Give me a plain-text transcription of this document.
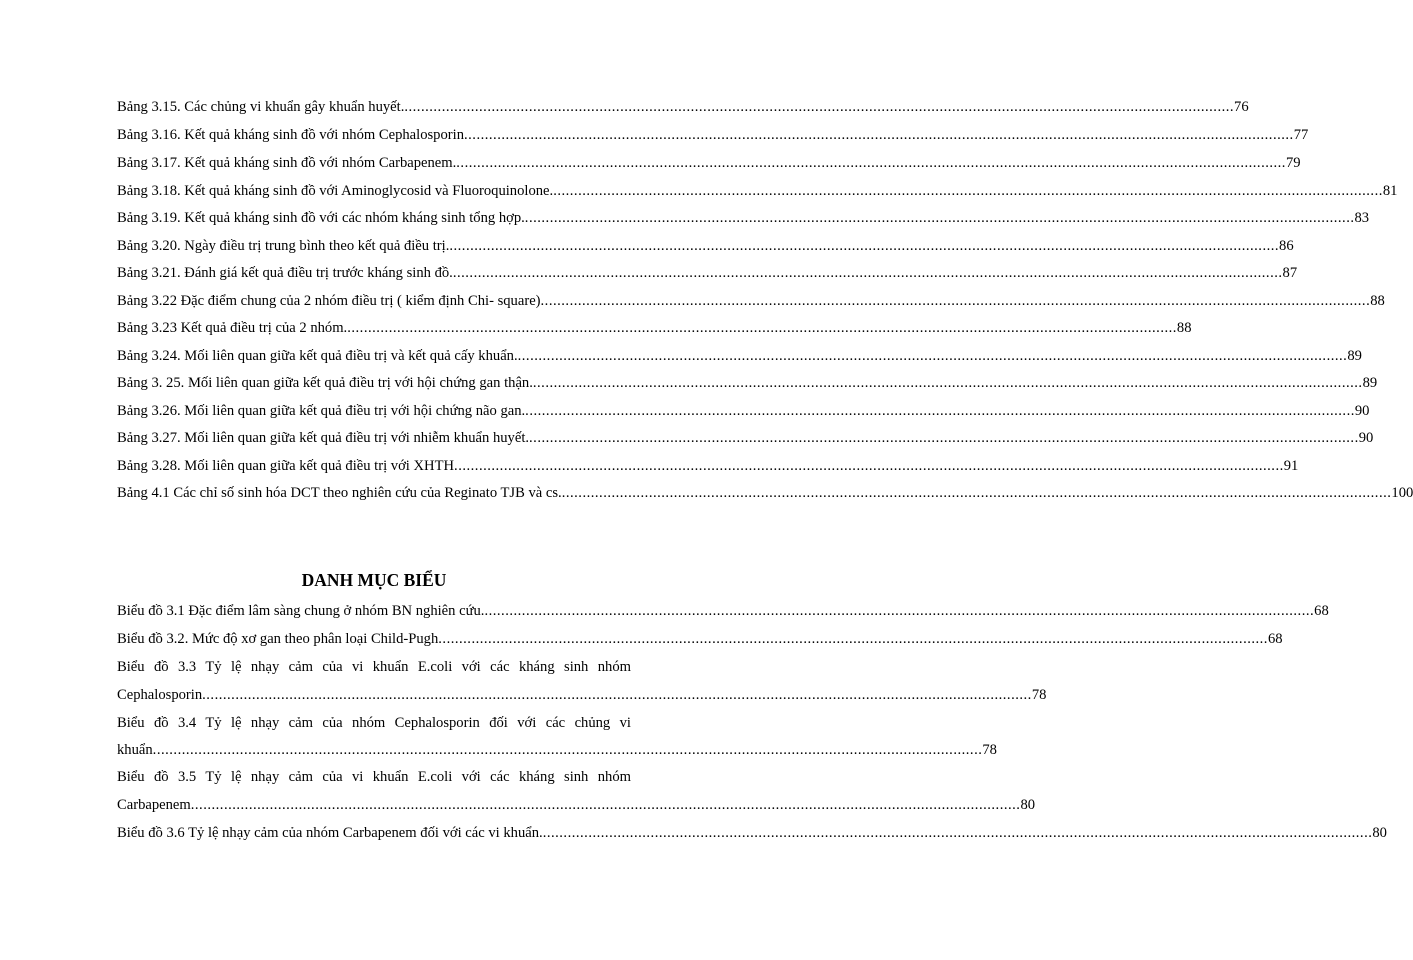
Bảng 3.15. Các chủng vi khuẩn gây khuẩn huyết. ........................................................................................................................................................................................................ 76
Bảng 3.16. Kết quả kháng sinh đồ với nhóm Cephalosporin ........................................................................................................................................................................................................ 77
Bảng 3.17. Kết quả kháng sinh đồ với nhóm Carbapenem. ........................................................................................................................................................................................................ 79
Bảng 3.18. Kết quả kháng sinh đồ với Aminoglycosid và Fluoroquinolone. ........................................................................................................................................................................................................ 81
Bảng 3.19. Kết quả kháng sinh đồ với các nhóm kháng sinh tổng hợp. ........................................................................................................................................................................................................ 83
Bảng 3.20. Ngày điều trị trung bình theo kết quả điều trị. ........................................................................................................................................................................................................ 86
Bảng 3.21. Đánh giá kết quả điều trị trước kháng sinh đồ. ........................................................................................................................................................................................................ 87
Bảng 3.22 Đặc điểm chung của 2 nhóm điều trị ( kiểm định Chi- square) ........................................................................................................................................................................................................ 88
Bảng 3.23 Kết quả điều trị của 2 nhóm. ........................................................................................................................................................................................................ 88
Bảng 3.24. Mối liên quan giữa kết quả điều trị và kết quả cấy khuẩn. ........................................................................................................................................................................................................ 89
Bảng 3. 25. Mối liên quan giữa kết quả điều trị với hội chứng gan thận. ........................................................................................................................................................................................................ 89
Bảng 3.26. Mối liên quan giữa kết quả điều trị với hội chứng não gan. ........................................................................................................................................................................................................ 90
Bảng 3.27. Mối liên quan giữa kết quả điều trị với nhiễm khuẩn huyết. ........................................................................................................................................................................................................ 90
Bảng 3.28. Mối liên quan giữa kết quả điều trị với XHTH ........................................................................................................................................................................................................ 91
Bảng 4.1 Các chỉ số sinh hóa DCT theo nghiên cứu của Reginato TJB và cs. ........................................................................................................................................................................................................ 100
DANH MỤC BIỂU
Biểu đồ 3.1 Đặc điểm lâm sàng chung ở nhóm BN nghiên cứu. ........................................................................................................................................................................................................ 68
Biểu đồ 3.2. Mức độ xơ gan theo phân loại Child-Pugh ........................................................................................................................................................................................................ 68
Biểu đồ 3.3 Tỷ lệ nhạy cảm của vi khuẩn E.coli với các kháng sinh nhóm
Cephalosporin ........................................................................................................................................................................................................ 78
Biểu đồ 3.4 Tỷ lệ nhạy cảm của nhóm Cephalosporin đối với các chủng vi
khuẩn ........................................................................................................................................................................................................ 78
Biểu đồ 3.5 Tỷ lệ nhạy cảm của vi khuẩn E.coli với các kháng sinh nhóm
Carbapenem ........................................................................................................................................................................................................ 80
Biểu đồ 3.6 Tỷ lệ nhạy cảm của nhóm Carbapenem đối với các vi khuẩn. ........................................................................................................................................................................................................ 80
